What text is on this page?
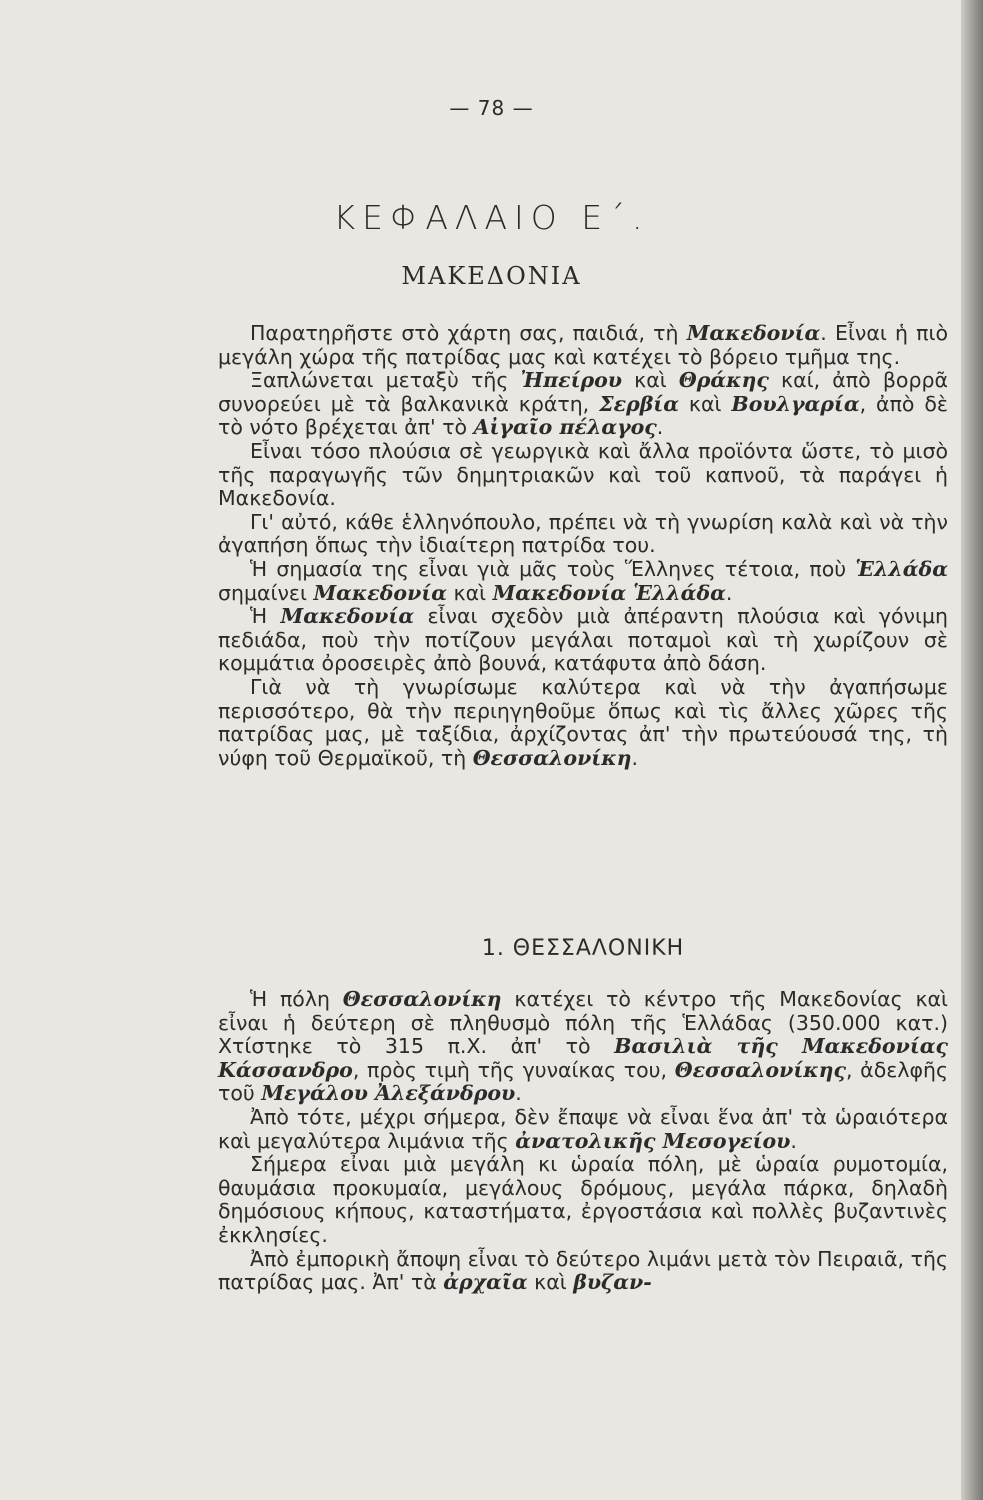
— 78 —
ΚΕΦΑΛΑΙΟ Ε΄.
ΜΑΚΕΔΟΝΙΑ

Παρατηρῆστε στὸ χάρτη σας, παιδιά, τὴ Μακεδονία. Εἶναι ἡ πιὸ μεγάλη χώρα τῆς πατρίδας μας καὶ κατέχει τὸ βόρειο τμῆμα της.

Ξαπλώνεται μεταξὺ τῆς Ἠπείρου καὶ Θράκης καί, ἀπὸ βορρᾶ συνορεύει μὲ τὰ βαλκανικὰ κράτη, Σερβία καὶ Βουλγαρία, ἀπὸ δὲ τὸ νότο βρέχεται ἀπ' τὸ Αἰγαῖο πέλαγος.

Εἶναι τόσο πλούσια σὲ γεωργικὰ καὶ ἄλλα προϊόντα ὥστε, τὸ μισὸ τῆς παραγωγῆς τῶν δημητριακῶν καὶ τοῦ καπνοῦ, τὰ παράγει ἡ Μακεδονία.

Γι' αὐτό, κάθε ἑλληνόπουλο, πρέπει νὰ τὴ γνωρίση καλὰ καὶ νὰ τὴν ἀγαπήση ὅπως τὴν ἰδιαίτερη πατρίδα του.

Ἡ σημασία της εἶναι γιὰ μᾶς τοὺς Ἕλληνες τέτοια, ποὺ Ἑλλάδα σημαίνει Μακεδονία καὶ Μακεδονία Ἑλλάδα.

Ἡ Μακεδονία εἶναι σχεδὸν μιὰ ἀπέραντη πλούσια καὶ γόνιμη πεδιάδα, ποὺ τὴν ποτίζουν μεγάλαι ποταμοὶ καὶ τὴ χωρίζουν σὲ κομμάτια ὀροσειρὲς ἀπὸ βουνά, κατάφυτα ἀπὸ δάση.

Γιὰ νὰ τὴ γνωρίσωμε καλύτερα καὶ νὰ τὴν ἀγαπήσωμε περισσότερο, θὰ τὴν περιηγηθοῦμε ὅπως καὶ τὶς ἄλλες χῶρες τῆς πατρίδας μας, μὲ ταξίδια, ἀρχίζοντας ἀπ' τὴν πρωτεύουσά της, τὴ νύφη τοῦ Θερμαϊκοῦ, τὴ Θεσσαλονίκη.

1. ΘΕΣΣΑΛΟΝΙΚΗ

Ἡ πόλη Θεσσαλονίκη κατέχει τὸ κέντρο τῆς Μακεδονίας καὶ εἶναι ἡ δεύτερη σὲ πληθυσμὸ πόλη τῆς Ἑλλάδας (350.000 κατ.) Χτίστηκε τὸ 315 π.Χ. ἀπ' τὸ Βασιλιὰ τῆς Μακεδονίας Κάσσανδρο, πρὸς τιμὴ τῆς γυναίκας του, Θεσσαλονίκης, ἀδελφῆς τοῦ Μεγάλου Ἀλεξάνδρου.

Ἀπὸ τότε, μέχρι σήμερα, δὲν ἔπαψε νὰ εἶναι ἕνα ἀπ' τὰ ὡραιότερα καὶ μεγαλύτερα λιμάνια τῆς ἀνατολικῆς Μεσογείου.

Σήμερα εἶναι μιὰ μεγάλη κι ὡραία πόλη, μὲ ὡραία ρυμοτομία, θαυμάσια προκυμαία, μεγάλους δρόμους, μεγάλα πάρκα, δηλαδὴ δημόσιους κήπους, καταστήματα, ἐργοστάσια καὶ πολλὲς βυζαντινὲς ἐκκλησίες.

Ἀπὸ ἐμπορικὴ ἄποψη εἶναι τὸ δεύτερο λιμάνι μετὰ τὸν Πειραιᾶ, τῆς πατρίδας μας. Ἀπ' τὰ ἀρχαῖα καὶ βυζαν-
